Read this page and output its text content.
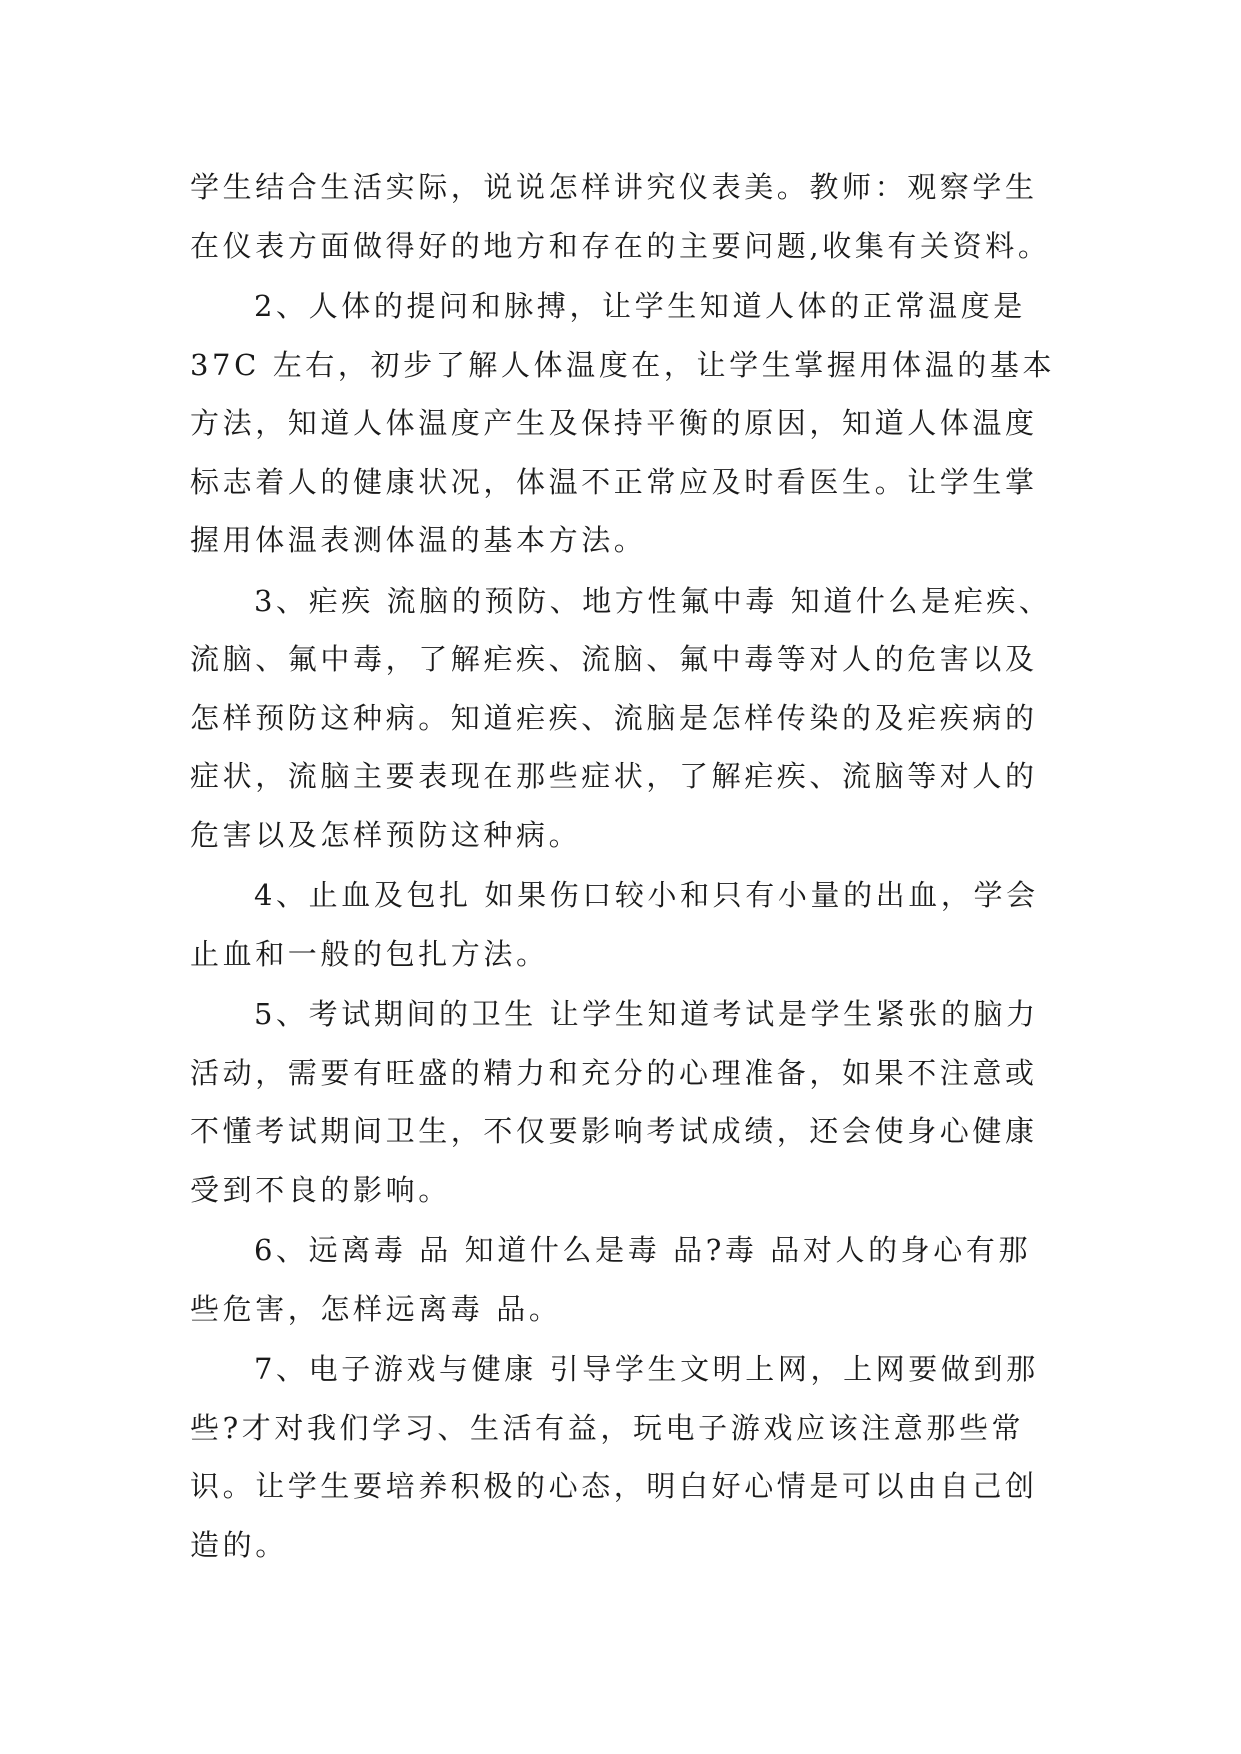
学生结合生活实际，说说怎样讲究仪表美。教师：观察学生
在仪表方面做得好的地方和存在的主要问题,收集有关资料。
2、人体的提问和脉搏，让学生知道人体的正常温度是
37C 左右，初步了解人体温度在，让学生掌握用体温的基本
方法，知道人体温度产生及保持平衡的原因，知道人体温度
标志着人的健康状况，体温不正常应及时看医生。让学生掌
握用体温表测体温的基本方法。
3、疟疾 流脑的预防、地方性氟中毒 知道什么是疟疾、
流脑、氟中毒，了解疟疾、流脑、氟中毒等对人的危害以及
怎样预防这种病。知道疟疾、流脑是怎样传染的及疟疾病的
症状，流脑主要表现在那些症状，了解疟疾、流脑等对人的
危害以及怎样预防这种病。
4、止血及包扎 如果伤口较小和只有小量的出血，学会
止血和一般的包扎方法。
5、考试期间的卫生 让学生知道考试是学生紧张的脑力
活动，需要有旺盛的精力和充分的心理准备，如果不注意或
不懂考试期间卫生，不仅要影响考试成绩，还会使身心健康
受到不良的影响。
6、远离毒 品 知道什么是毒 品?毒 品对人的身心有那
些危害，怎样远离毒 品。
7、电子游戏与健康 引导学生文明上网，上网要做到那
些?才对我们学习、生活有益，玩电子游戏应该注意那些常
识。让学生要培养积极的心态，明白好心情是可以由自己创
造的。
